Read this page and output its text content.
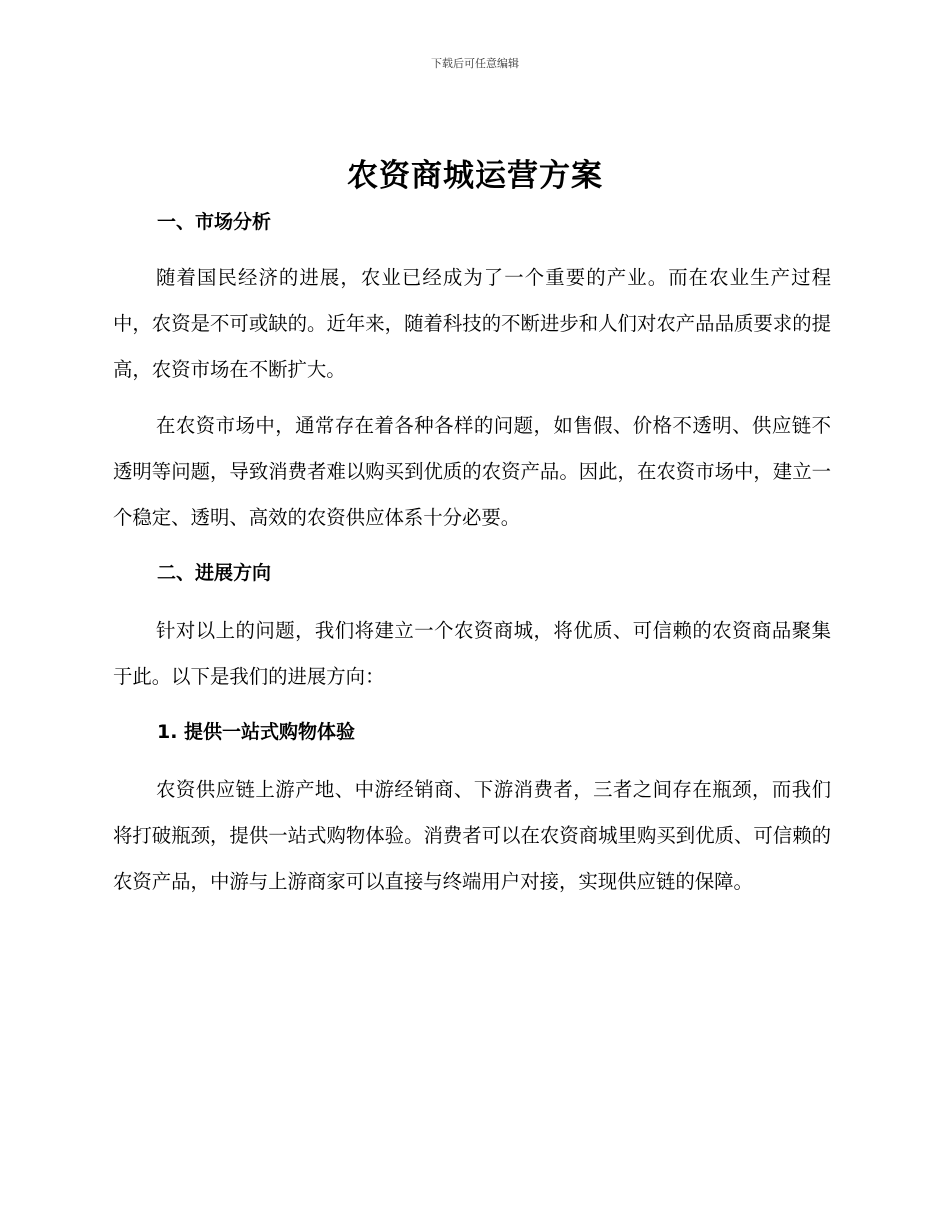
下载后可任意编辑
农资商城运营方案
一、市场分析

随着国民经济的进展，农业已经成为了一个重要的产业。而在农业生产过程中，农资是不可或缺的。近年来，随着科技的不断进步和人们对农产品品质要求的提高，农资市场在不断扩大。

在农资市场中，通常存在着各种各样的问题，如售假、价格不透明、供应链不透明等问题，导致消费者难以购买到优质的农资产品。因此，在农资市场中，建立一个稳定、透明、高效的农资供应体系十分必要。

二、进展方向

针对以上的问题，我们将建立一个农资商城，将优质、可信赖的农资商品聚集于此。以下是我们的进展方向：

1. 提供一站式购物体验

农资供应链上游产地、中游经销商、下游消费者，三者之间存在瓶颈，而我们将打破瓶颈，提供一站式购物体验。消费者可以在农资商城里购买到优质、可信赖的农资产品，中游与上游商家可以直接与终端用户对接，实现供应链的保障。
